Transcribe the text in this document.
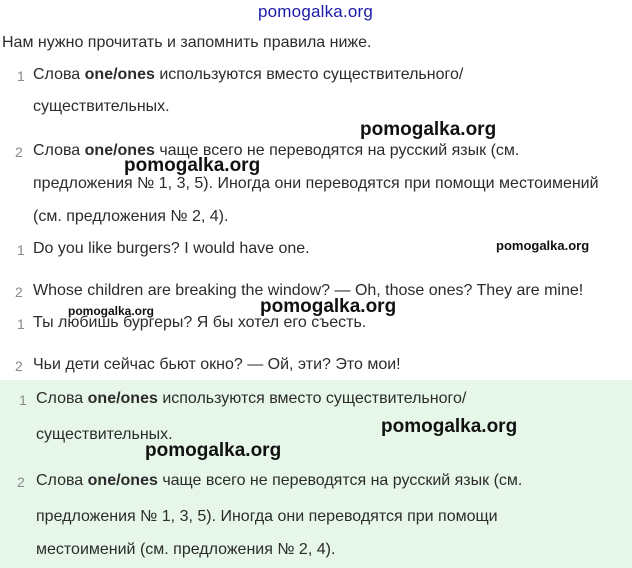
pomogalka.org
Нам нужно прочитать и запомнить правила ниже.
1 Слова one/ones используются вместо существительного/
существительных.
2 Слова one/ones чаще всего не переводятся на русский язык (см.
предложения № 1, 3, 5). Иногда они переводятся при помощи местоимений
(см. предложения № 2, 4).
1 Do you like burgers? I would have one.
2 Whose children are breaking the window? — Oh, those ones? They are mine!
1 Ты любишь бургеры? Я бы хотел его съесть.
2 Чьи дети сейчас бьют окно? — Ой, эти? Это мои!
1 Слова one/ones используются вместо существительного/
существительных.
2 Слова one/ones чаще всего не переводятся на русский язык (см.
предложения № 1, 3, 5). Иногда они переводятся при помощи
местоимений (см. предложения № 2, 4).
pomogalka.org
pomogalka.org
pomogalka.org
pomogalka.org
pomogalka.org
pomogalka.org
pomogalka.org
